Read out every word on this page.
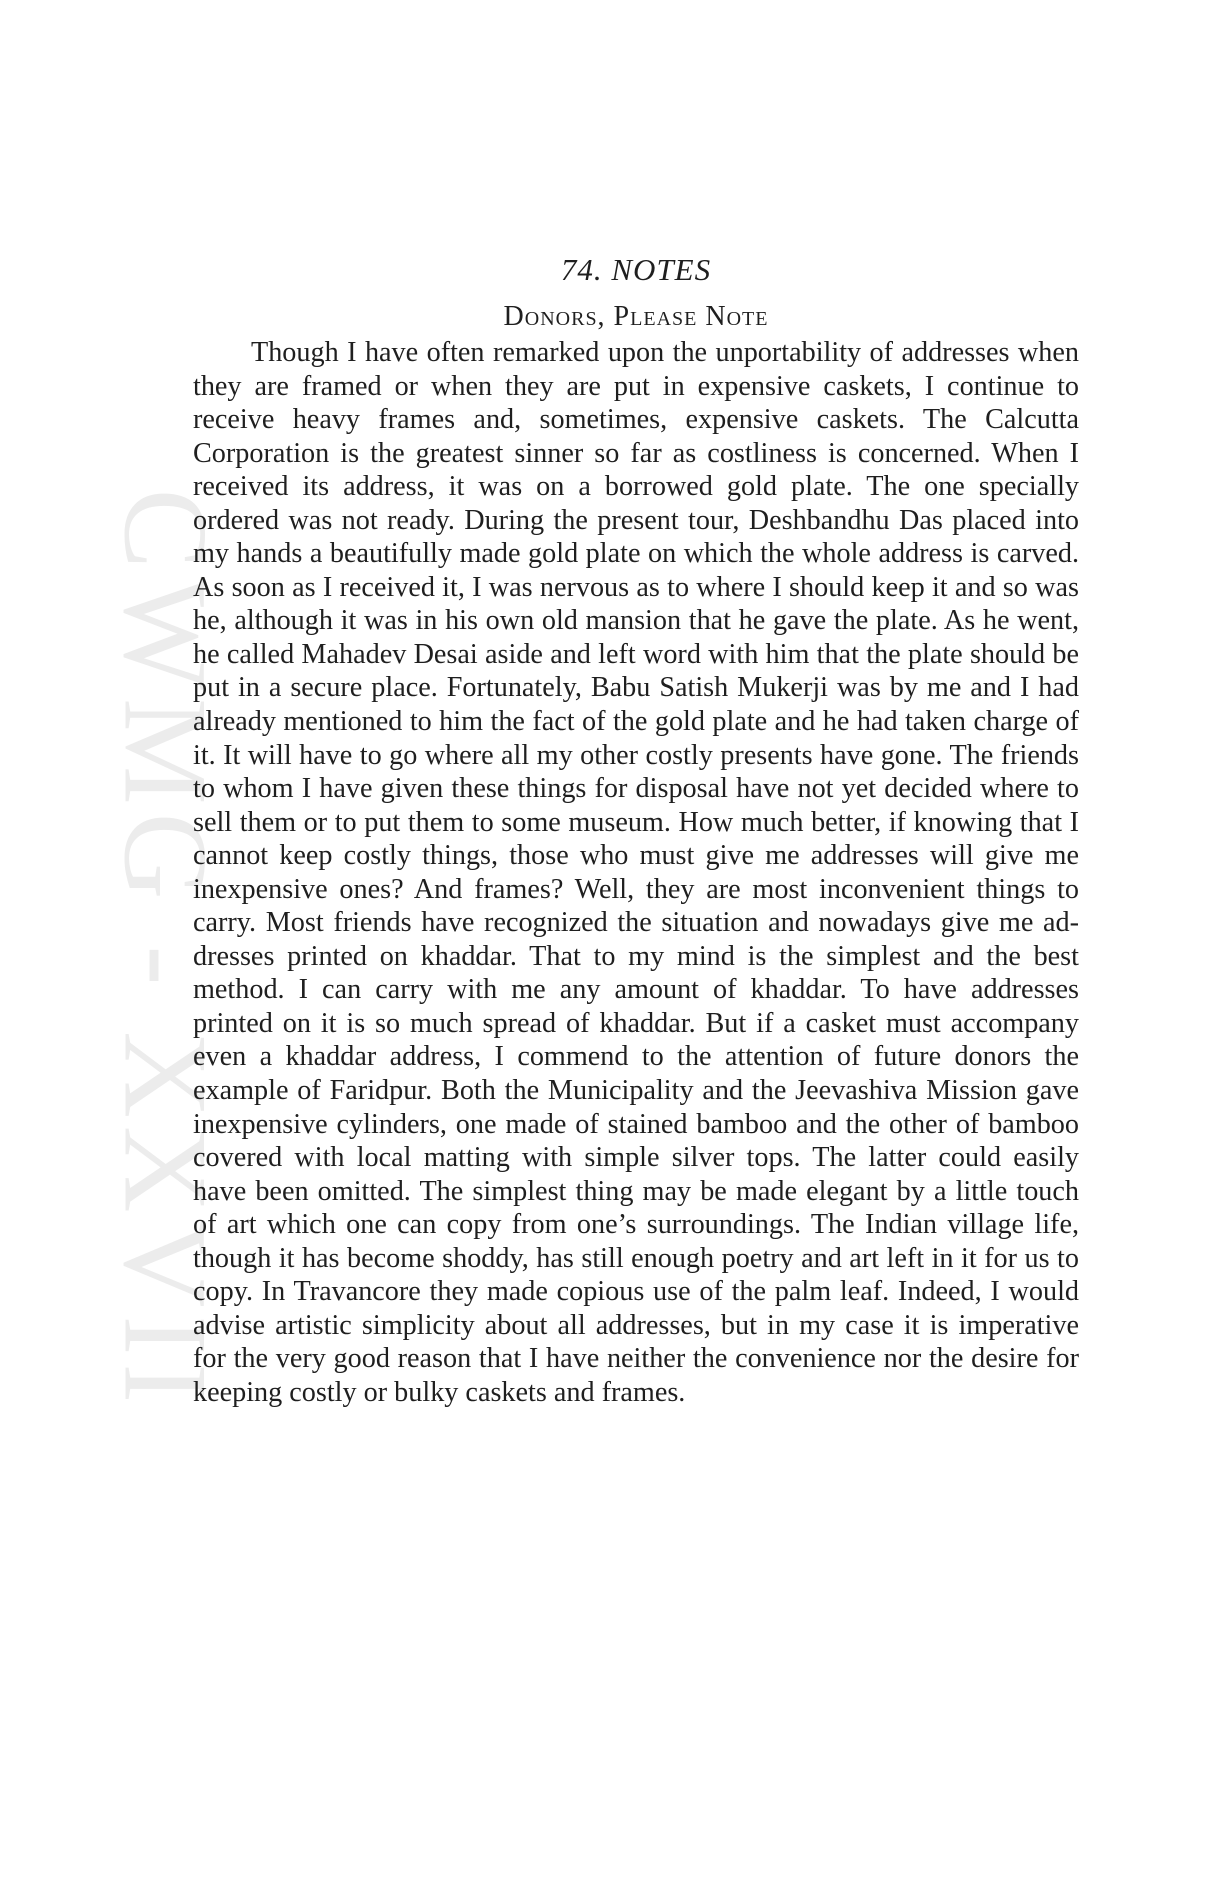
CWMG - XXVII
74. NOTES
Donors, Please Note

Though I have often remarked upon the unportability of addresses when they are framed or when they are put in expensive caskets, I continue to receive heavy frames and, sometimes, expensive caskets. The Calcutta Corporation is the greatest sinner so far as costliness is concerned. When I received its address, it was on a borrowed gold plate. The one specially ordered was not ready. During the present tour, Deshbandhu Das placed into my hands a beautifully made gold plate on which the whole address is carved. As soon as I received it, I was nervous as to where I should keep it and so was he, although it was in his own old mansion that he gave the plate. As he went, he called Mahadev Desai aside and left word with him that the plate should be put in a secure place. Fortunately, Babu Satish Mukerji was by me and I had already mentioned to him the fact of the gold plate and he had taken charge of it. It will have to go where all my other costly presents have gone. The friends to whom I have given these things for disposal have not yet decided where to sell them or to put them to some museum. How much better, if knowing that I cannot keep costly things, those who must give me addresses will give me inexpensive ones? And frames? Well, they are most inconvenient things to carry. Most friends have recognized the situation and nowadays give me addresses printed on khaddar. That to my mind is the simplest and the best method. I can carry with me any amount of khaddar. To have addresses printed on it is so much spread of khaddar. But if a casket must accompany even a khaddar address, I commend to the attention of future donors the example of Faridpur. Both the Municipality and the Jeevashiva Mission gave inexpensive cylinders, one made of stained bamboo and the other of bamboo covered with local matting with simple silver tops. The latter could easily have been omitted. The simplest thing may be made elegant by a little touch of art which one can copy from one’s surroundings. The Indian village life, though it has become shoddy, has still enough poetry and art left in it for us to copy. In Travancore they made copious use of the palm leaf. Indeed, I would advise artistic simplicity about all addresses, but in my case it is imperative for the very good reason that I have neither the convenience nor the desire for keeping costly or bulky caskets and frames.
